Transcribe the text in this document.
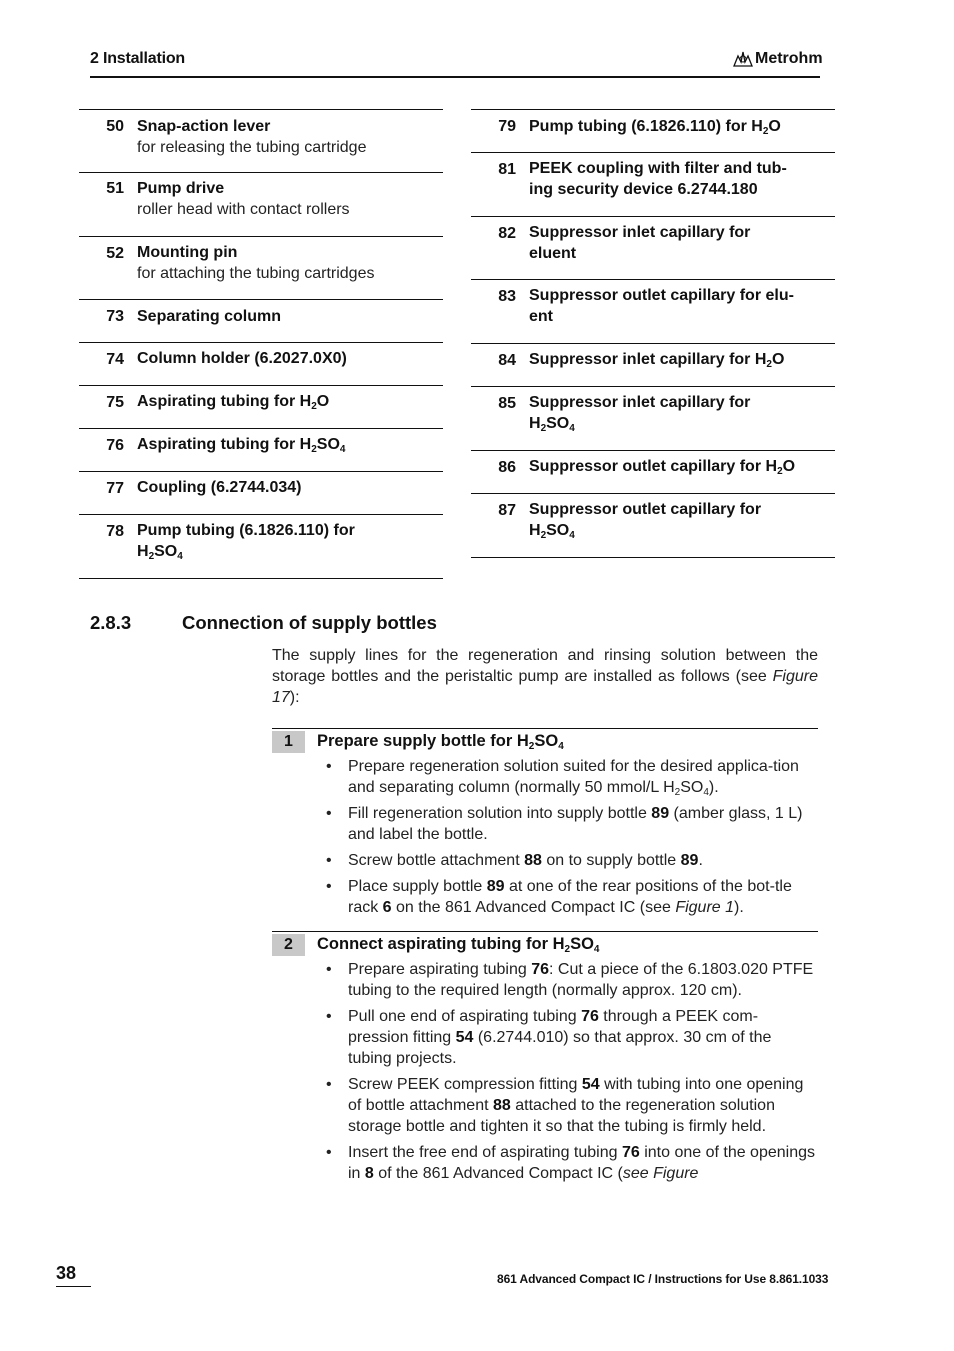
2 Installation	Metrohm
50 Snap-action lever
for releasing the tubing cartridge
51 Pump drive
roller head with contact rollers
52 Mounting pin
for attaching the tubing cartridges
73 Separating column
74 Column holder (6.2027.0X0)
75 Aspirating tubing for $H_2O$
76 Aspirating tubing for $H_2SO_4$
77 Coupling (6.2744.034)
78 Pump tubing (6.1826.110) for
$H_2SO_4$
79 Pump tubing (6.1826.110) for $H_2O$
81 PEEK coupling with filter and tub-
ing security device 6.2744.180
82 Suppressor inlet capillary for
eluent
83 Suppressor outlet capillary for elu-
ent
84 Suppressor inlet capillary for $H_2O$
85 Suppressor inlet capillary for
$H_2SO_4$
86 Suppressor outlet capillary for $H_2O$
87 Suppressor outlet capillary for
$H_2SO_4$
2.8.3	Connection of supply bottles
The supply lines for the regeneration and rinsing solution between the storage bottles and the peristaltic pump are installed as follows (see Figure 17):
1	Prepare supply bottle for $H_2SO_4$
• Prepare regeneration solution suited for the desired applica-tion and separating column (normally 50 mmol/L $H_2SO_4$).
• Fill regeneration solution into supply bottle 89 (amber glass, 1 L) and label the bottle.
• Screw bottle attachment 88 on to supply bottle 89.
• Place supply bottle 89 at one of the rear positions of the bot-tle rack 6 on the 861 Advanced Compact IC (see Figure 1).
2	Connect aspirating tubing for $H_2SO_4$
• Prepare aspirating tubing 76: Cut a piece of the 6.1803.020 PTFE tubing to the required length (normally approx. 120 cm).
• Pull one end of aspirating tubing 76 through a PEEK com-pression fitting 54 (6.2744.010) so that approx. 30 cm of the tubing projects.
• Screw PEEK compression fitting 54 with tubing into one opening of bottle attachment 88 attached to the regeneration solution storage bottle and tighten it so that the tubing is firmly held.
• Insert the free end of aspirating tubing 76 into one of the openings in 8 of the 861 Advanced Compact IC (see Figure
38	861 Advanced Compact IC / Instructions for Use 8.861.1033
